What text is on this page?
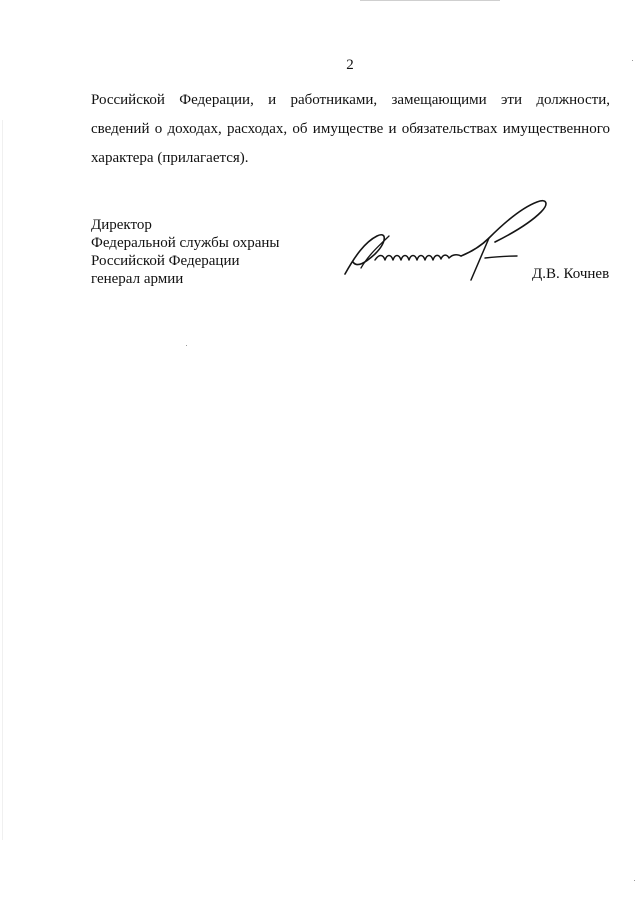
2
Российской Федерации, и работниками, замещающими эти должности,
сведений о доходах, расходах, об имуществе и обязательствах имущественного
характера (прилагается).
Директор
Федеральной службы охраны
Российской Федерации
генерал армии	Д.В. Кочнев
